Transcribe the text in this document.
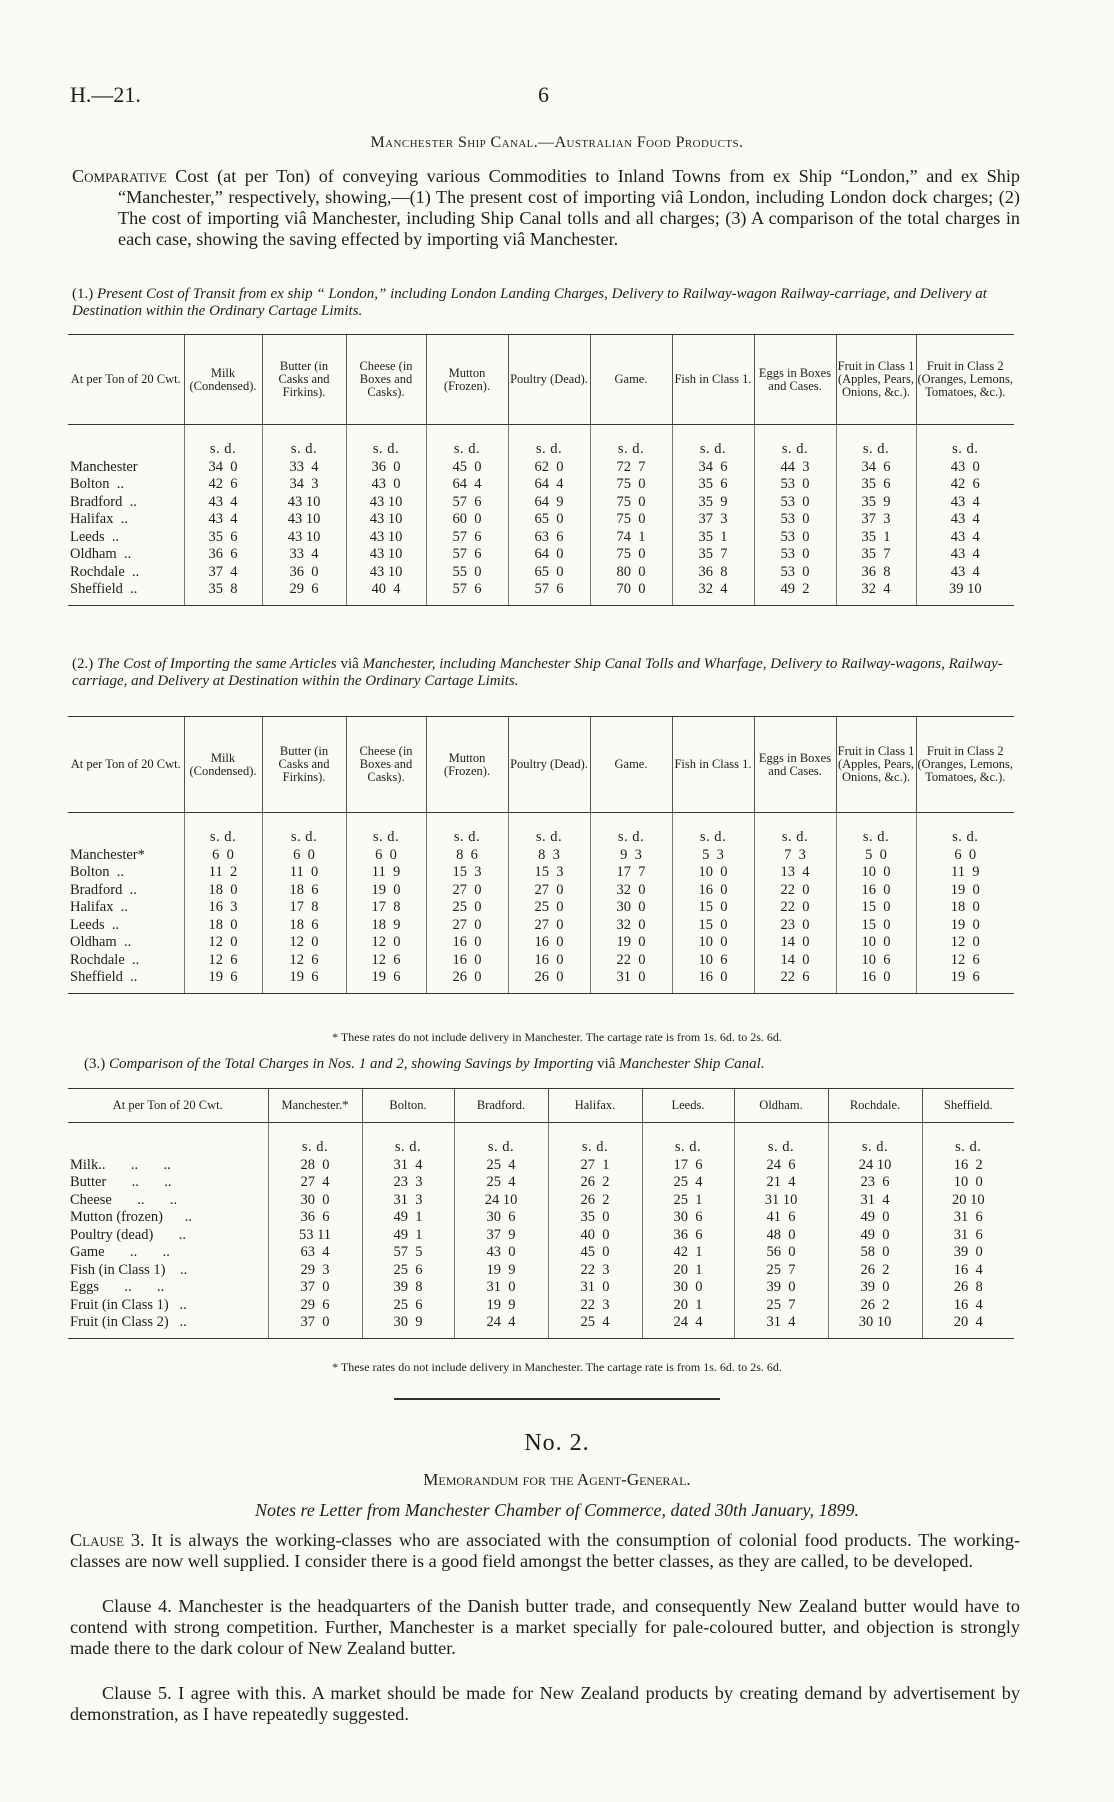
H.—21.	6
Manchester Ship Canal.—Australian Food Products.
Comparative Cost (at per Ton) of conveying various Commodities to Inland Towns from ex Ship “London,” and ex Ship “Manchester,” respectively, showing,—(1) The present cost of importing viâ London, including London dock charges; (2) The cost of importing viâ Manchester, including Ship Canal tolls and all charges; (3) A comparison of the total charges in each case, showing the saving effected by importing viâ Manchester.
(1.) Present Cost of Transit from ex ship “ London,” including London Landing Charges, Delivery to Railway-wagon Railway-carriage, and Delivery at Destination within the Ordinary Cartage Limits.
At per Ton of 20 Cwt.	Milk (Condensed).	Butter (in Casks and Firkins).	Cheese (in Boxes and Casks).	Mutton (Frozen).	Poultry (Dead).	Game.	Fish in Class 1.	Eggs in Boxes and Cases.	Fruit in Class 1 (Apples, Pears, Onions, &c.).	Fruit in Class 2 (Oranges, Lemons, Tomatoes, &c.).
	s. d.	s. d.	s. d.	s. d.	s. d.	s. d.	s. d.	s. d.	s. d.	s. d.
Manchester	34  0	33  4	36  0	45  0	62  0	72  7	34  6	44  3	34  6	43  0
Bolton  ..	42  6	34  3	43  0	64  4	64  4	75  0	35  6	53  0	35  6	42  6
Bradford  ..	43  4	43 10	43 10	57  6	64  9	75  0	35  9	53  0	35  9	43  4
Halifax  ..	43  4	43 10	43 10	60  0	65  0	75  0	37  3	53  0	37  3	43  4
Leeds  ..	35  6	43 10	43 10	57  6	63  6	74  1	35  1	53  0	35  1	43  4
Oldham  ..	36  6	33  4	43 10	57  6	64  0	75  0	35  7	53  0	35  7	43  4
Rochdale  ..	37  4	36  0	43 10	55  0	65  0	80  0	36  8	53  0	36  8	43  4
Sheffield  ..	35  8	29  6	40  4	57  6	57  6	70  0	32  4	49  2	32  4	39 10
(2.) The Cost of Importing the same Articles viâ Manchester, including Manchester Ship Canal Tolls and Wharfage, Delivery to Railway-wagons, Railway-carriage, and Delivery at Destination within the Ordinary Cartage Limits.
At per Ton of 20 Cwt.	Milk (Condensed).	Butter (in Casks and Firkins).	Cheese (in Boxes and Casks).	Mutton (Frozen).	Poultry (Dead).	Game.	Fish in Class 1.	Eggs in Boxes and Cases.	Fruit in Class 1 (Apples, Pears, Onions, &c.).	Fruit in Class 2 (Oranges, Lemons, Tomatoes, &c.).
	s. d.	s. d.	s. d.	s. d.	s. d.	s. d.	s. d.	s. d.	s. d.	s. d.
Manchester*	6  0	6  0	6  0	8  6	8  3	9  3	5  3	7  3	5  0	6  0
Bolton  ..	11  2	11  0	11  9	15  3	15  3	17  7	10  0	13  4	10  0	11  9
Bradford  ..	18  0	18  6	19  0	27  0	27  0	32  0	16  0	22  0	16  0	19  0
Halifax  ..	16  3	17  8	17  8	25  0	25  0	30  0	15  0	22  0	15  0	18  0
Leeds  ..	18  0	18  6	18  9	27  0	27  0	32  0	15  0	23  0	15  0	19  0
Oldham  ..	12  0	12  0	12  0	16  0	16  0	19  0	10  0	14  0	10  0	12  0
Rochdale  ..	12  6	12  6	12  6	16  0	16  0	22  0	10  6	14  0	10  6	12  6
Sheffield  ..	19  6	19  6	19  6	26  0	26  0	31  0	16  0	22  6	16  0	19  6
* These rates do not include delivery in Manchester. The cartage rate is from 1s. 6d. to 2s. 6d.
(3.) Comparison of the Total Charges in Nos. 1 and 2, showing Savings by Importing viâ Manchester Ship Canal.
At per Ton of 20 Cwt.	Manchester.*	Bolton.	Bradford.	Halifax.	Leeds.	Oldham.	Rochdale.	Sheffield.
	s. d.	s. d.	s. d.	s. d.	s. d.	s. d.	s. d.	s. d.
Milk..       ..       ..	28  0	31  4	25  4	27  1	17  6	24  6	24 10	16  2
Butter       ..       ..	27  4	23  3	25  4	26  2	25  4	21  4	23  6	10  0
Cheese       ..       ..	30  0	31  3	24 10	26  2	25  1	31 10	31  4	20 10
Mutton (frozen)      ..	36  6	49  1	30  6	35  0	30  6	41  6	49  0	31  6
Poultry (dead)       ..	53 11	49  1	37  9	40  0	36  6	48  0	49  0	31  6
Game       ..       ..	63  4	57  5	43  0	45  0	42  1	56  0	58  0	39  0
Fish (in Class 1)    ..	29  3	25  6	19  9	22  3	20  1	25  7	26  2	16  4
Eggs       ..       ..	37  0	39  8	31  0	31  0	30  0	39  0	39  0	26  8
Fruit (in Class 1)   ..	29  6	25  6	19  9	22  3	20  1	25  7	26  2	16  4
Fruit (in Class 2)   ..	37  0	30  9	24  4	25  4	24  4	31  4	30 10	20  4
* These rates do not include delivery in Manchester. The cartage rate is from 1s. 6d. to 2s. 6d.
No. 2.
Memorandum for the Agent-General.
Notes re Letter from Manchester Chamber of Commerce, dated 30th January, 1899.
Clause 3. It is always the working-classes who are associated with the consumption of colonial food products. The working-classes are now well supplied. I consider there is a good field amongst the better classes, as they are called, to be developed.
Clause 4. Manchester is the headquarters of the Danish butter trade, and consequently New Zealand butter would have to contend with strong competition. Further, Manchester is a market specially for pale-coloured butter, and objection is strongly made there to the dark colour of New Zealand butter.
Clause 5. I agree with this. A market should be made for New Zealand products by creating demand by advertisement by demonstration, as I have repeatedly suggested.
